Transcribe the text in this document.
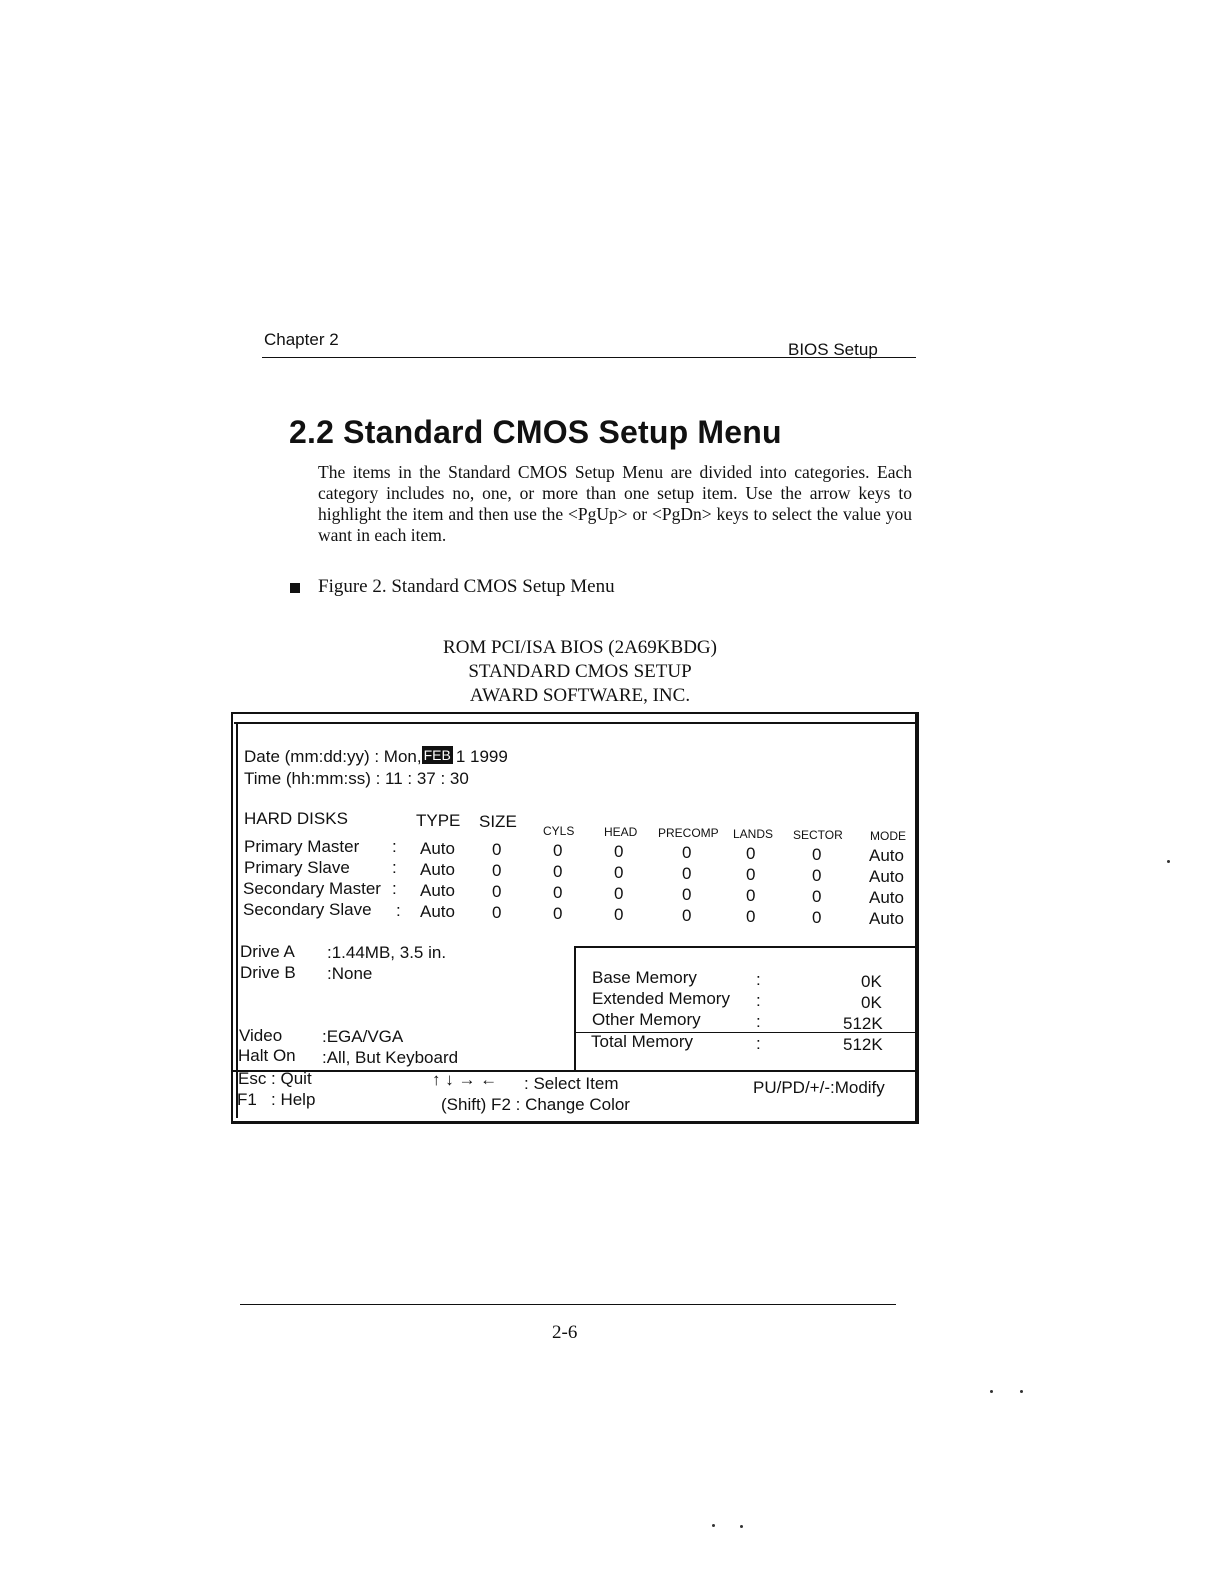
Chapter 2
BIOS Setup
2.2 Standard CMOS Setup Menu
The items in the Standard CMOS Setup Menu are divided into categories. Each category includes no, one, or more than one setup item. Use the arrow keys to highlight the item and then use the <PgUp> or <PgDn> keys to select the value you want in each item.
Figure 2. Standard CMOS Setup Menu
ROM PCI/ISA BIOS (2A69KBDG)
STANDARD CMOS SETUP
AWARD SOFTWARE, INC.
Date (mm:dd:yy) : Mon, FEB 1 1999
Time (hh:mm:ss) : 11 : 37 : 30
HARD DISKS	TYPE SIZE CYLS HEAD PRECOMP LANDS SECTOR MODE
Primary Master : Auto 0	0	0	0	0	0	Auto
Primary Slave : Auto 0	0	0	0	0	0	Auto
Secondary Master : Auto 0	0	0	0	0	0	Auto
Secondary Slave : Auto 0	0	0	0	0	0	Auto
Drive A :1.44MB, 3.5 in.
Drive B :None
Video :EGA/VGA
Halt On :All, But Keyboard
Base Memory	:	0K
Extended Memory :	0K
Other Memory	:	512K
Total Memory	:	512K
Esc : Quit
F1   : Help
↑ ↓ → ← : Select Item
(Shift) F2 : Change Color
PU/PD/+/-:Modify
2-6
